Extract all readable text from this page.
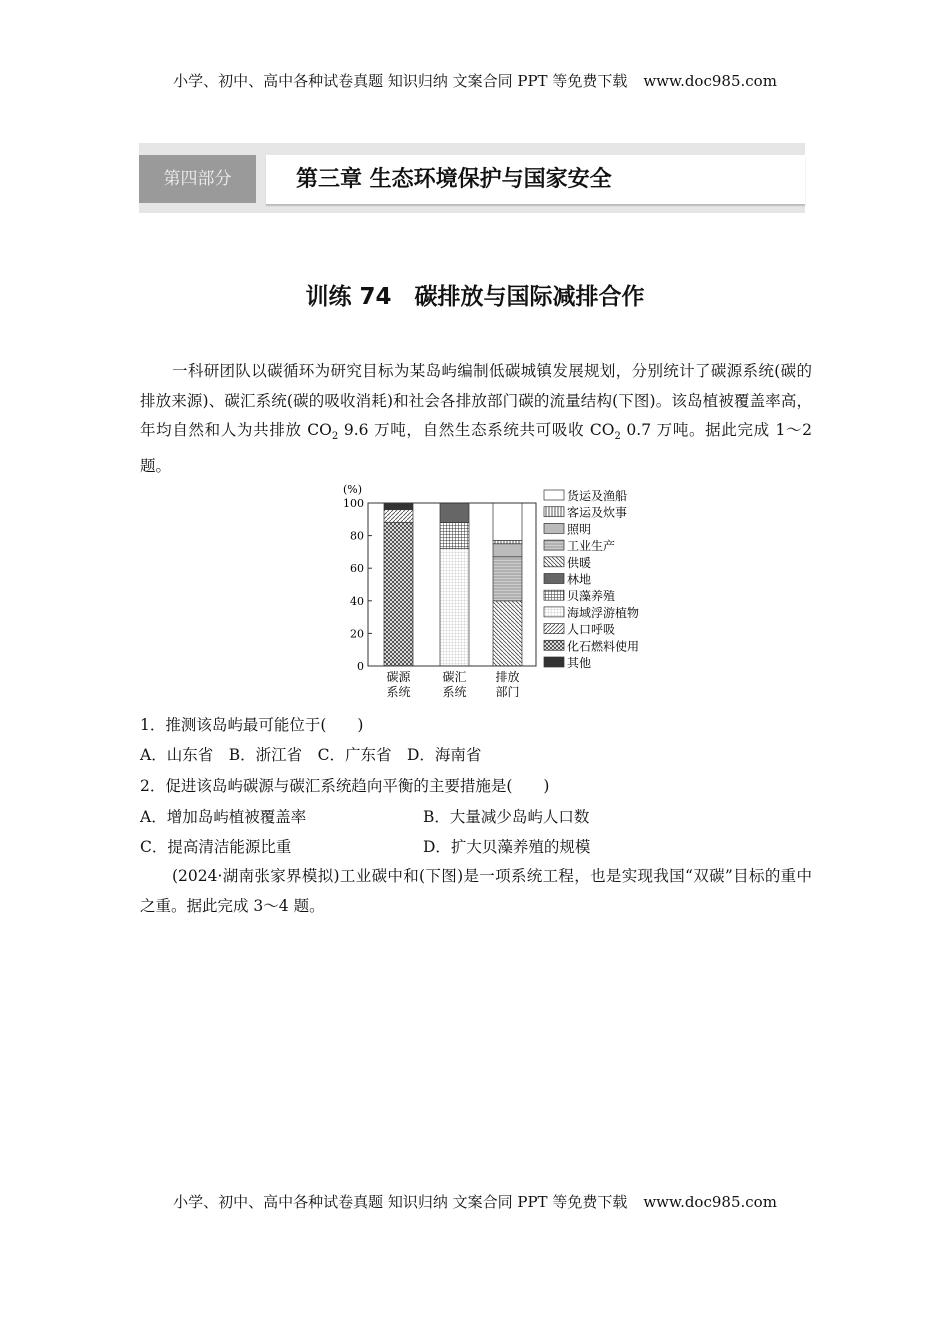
小学、初中、高中各种试卷真题 知识归纳 文案合同 PPT 等免费下载 www.doc985.com
第四部分	第三章 生态环境保护与国家安全
训练 74　碳排放与国际减排合作
一科研团队以碳循环为研究目标为某岛屿编制低碳城镇发展规划，分别统计了碳源系统(碳的排放来源)、碳汇系统(碳的吸收消耗)和社会各排放部门碳的流量结构(下图)。该岛植被覆盖率高，年均自然和人为共排放 $CO_2$ 9.6 万吨，自然生态系统共可吸收 $CO_2$ 0.7 万吨。据此完成 1～2 题。
碳源
系统
碳汇
系统
排放
部门
0
20
40
60
80
100
(%)	货运及渔船
客运及炊事
照明
工业生产
供暖
林地
贝藻养殖
海域浮游植物
人口呼吸
化石燃料使用
其他
1．推测该岛屿最可能位于(　　)
A．山东省　B．浙江省　C．广东省　D．海南省
2．促进该岛屿碳源与碳汇系统趋向平衡的主要措施是(　　)
A．增加岛屿植被覆盖率	B．大量减少岛屿人口数
C．提高清洁能源比重	D．扩大贝藻养殖的规模
(2024·湖南张家界模拟)工业碳中和(下图)是一项系统工程，也是实现我国“双碳”目标的重中之重。据此完成 3～4 题。
小学、初中、高中各种试卷真题 知识归纳 文案合同 PPT 等免费下载 www.doc985.com
